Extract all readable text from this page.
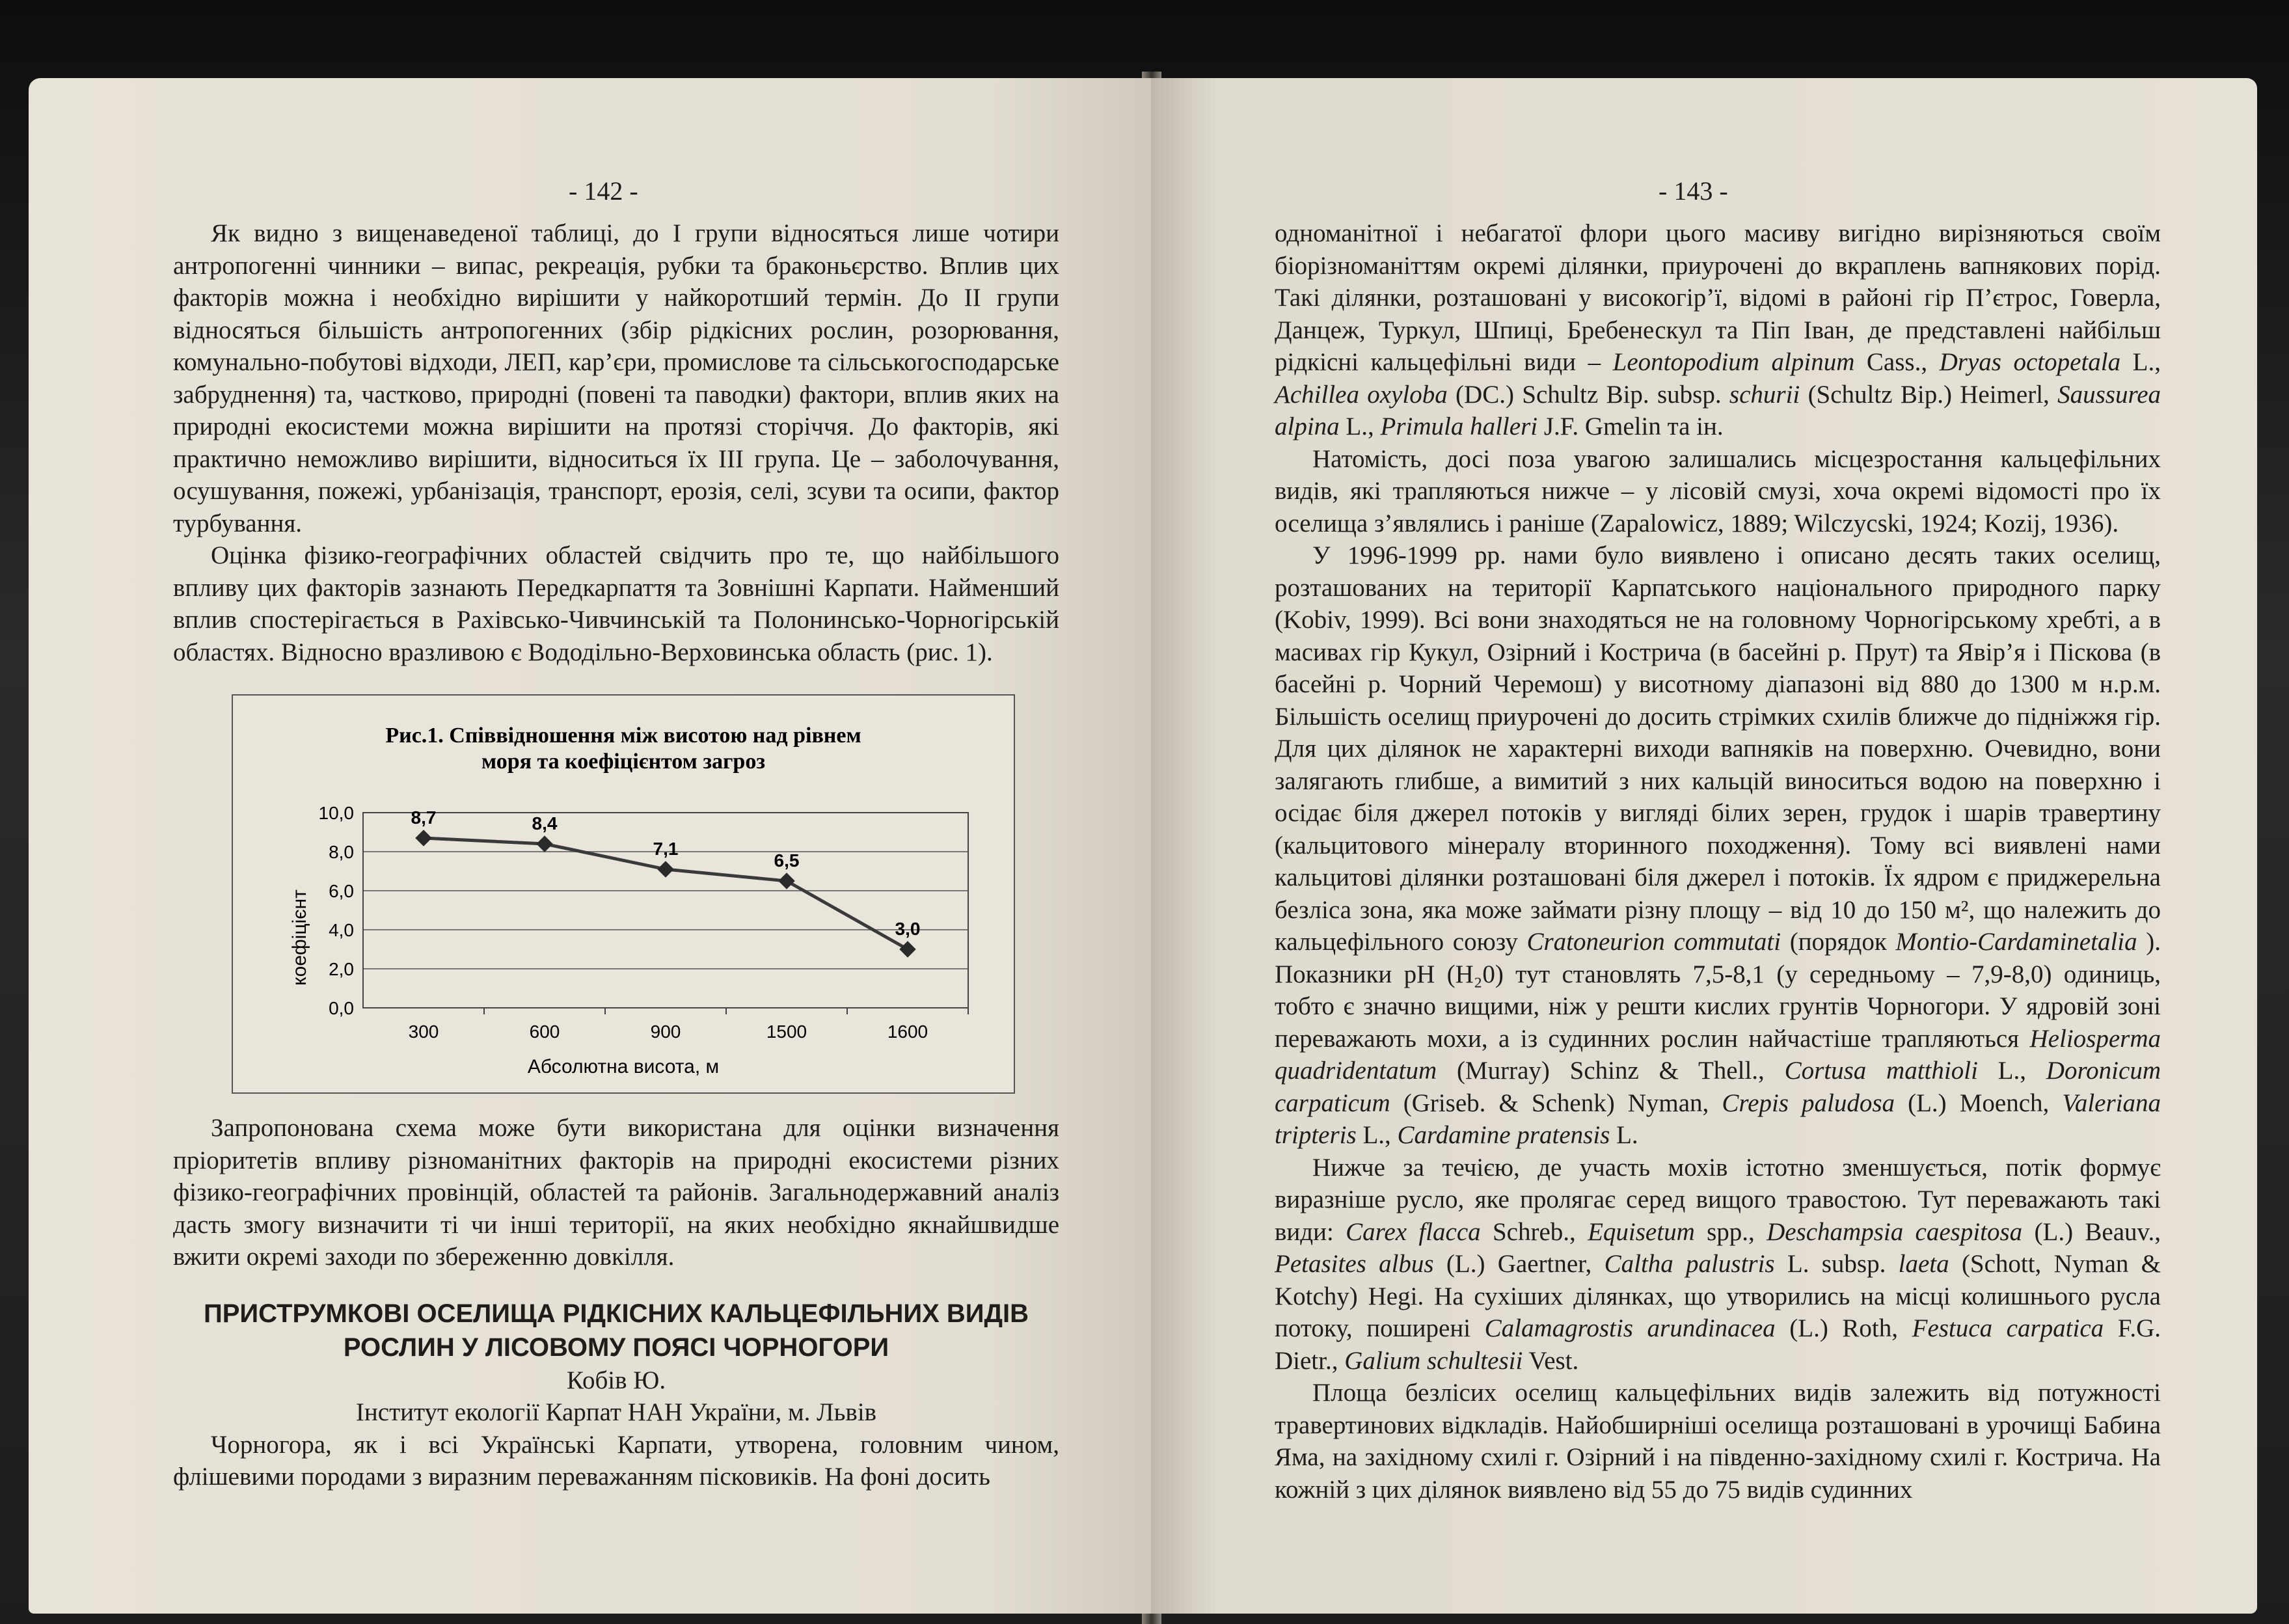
- 142 -

Як видно з вищенаведеної таблиці, до I групи відносяться лише чотири антропогенні чинники – випас, рекреація, рубки та браконьєрство. Вплив цих факторів можна і необхідно вирішити у найкоротший термін. До II групи відносяться більшість антропогенних (збір рідкісних рослин, розорювання, комунально-побутові відходи, ЛЕП, кар’єри, промислове та сільськогосподарське забруднення) та, частково, природні (повені та паводки) фактори, вплив яких на природні екосистеми можна вирішити на протязі сторіччя. До факторів, які практично неможливо вирішити, відноситься їх III група. Це – заболочування, осушування, пожежі, урбанізація, транспорт, ерозія, селі, зсуви та осипи, фактор турбування.

Оцінка фізико-географічних областей свідчить про те, що найбільшого впливу цих факторів зазнають Передкарпаття та Зовнішні Карпати. Найменший вплив спостерігається в Рахівсько-Чивчинській та Полонинсько-Чорногірській областях. Відносно вразливою є Вододільно-Верховинська область (рис. 1).

Рис.1. Співвідношення між висотою над рівнем
моря та коефіцієнтом загроз
0,0
2,0
4,0
6,0
8,0
10,0
300	600	900	1500	1600
8,7	8,4
7,1
6,5
3,0
Абсолютна висота, м
коефіцієнт

Запропонована схема може бути використана для оцінки визначення пріоритетів впливу різноманітних факторів на природні екосистеми різних фізико-географічних провінцій, областей та районів. Загальнодержавний аналіз дасть змогу визначити ті чи інші території, на яких необхідно якнайшвидше вжити окремі заходи по збереженню довкілля.

ПРИСТРУМКОВІ ОСЕЛИЩА РІДКІСНИХ КАЛЬЦЕФІЛЬНИХ ВИДІВ РОСЛИН У ЛІСОВОМУ ПОЯСІ ЧОРНОГОРИ

Кобів Ю.

Інститут екології Карпат НАН України, м. Львів

Чорногора, як і всі Українські Карпати, утворена, головним чином, флішевими породами з виразним переважанням пісковиків. На фоні досить

- 143 -

одноманітної і небагатої флори цього масиву вигідно вирізняються своїм біорізноманіттям окремі ділянки, приурочені до вкраплень вапнякових порід. Такі ділянки, розташовані у високогір’ї, відомі в районі гір П’єтрос, Говерла, Данцеж, Туркул, Шпиці, Бребенескул та Піп Іван, де представлені найбільш рідкісні кальцефільні види – Leontopodium alpinum Cass., Dryas octopetala L., Achillea oxyloba (DC.) Schultz Bip. subsp. schurii (Schultz Bip.) Heimerl, Saussurea alpina L., Primula halleri J.F. Gmelin та ін.

Натомість, досі поза увагою залишались місцезростання кальцефільних видів, які трапляються нижче – у лісовій смузі, хоча окремі відомості про їх оселища з’являлись і раніше (Zapalowicz, 1889; Wilczycski, 1924; Kozij, 1936).

У 1996-1999 рр. нами було виявлено і описано десять таких оселищ, розташованих на території Карпатського національного природного парку (Kobiv, 1999). Всі вони знаходяться не на головному Чорногірському хребті, а в масивах гір Кукул, Озірний і Кострича (в басейні р. Прут) та Явір’я і Піскова (в басейні р. Чорний Черемош) у висотному діапазоні від 880 до 1300 м н.р.м. Більшість оселищ приурочені до досить стрімких схилів ближче до підніжжя гір. Для цих ділянок не характерні виходи вапняків на поверхню. Очевидно, вони залягають глибше, а вимитий з них кальцій виноситься водою на поверхню і осідає біля джерел потоків у вигляді білих зерен, грудок і шарів травертину (кальцитового мінералу вторинного походження). Тому всі виявлені нами кальцитові ділянки розташовані біля джерел і потоків. Їх ядром є приджерельна безліса зона, яка може займати різну площу – від 10 до 150 м², що належить до кальцефільного союзу Cratoneurion commutati (порядок Montio-Cardaminetalia ). Показники pH (H₂0) тут становлять 7,5-8,1 (у середньому – 7,9-8,0) одиниць, тобто є значно вищими, ніж у решти кислих грунтів Чорногори. У ядровій зоні переважають мохи, а із судинних рослин найчастіше трапляються Heliosperma quadridentatum (Murray) Schinz & Thell., Cortusa matthioli L., Doronicum carpaticum (Griseb. & Schenk) Nyman, Crepis paludosa (L.) Moench, Valeriana tripteris L., Cardamine pratensis L.

Нижче за течією, де участь мохів істотно зменшується, потік формує виразніше русло, яке пролягає серед вищого травостою. Тут переважають такі види: Carex flacca Schreb., Equisetum spp., Deschampsia caespitosa (L.) Beauv., Petasites albus (L.) Gaertner, Caltha palustris L. subsp. laeta (Schott, Nyman & Kotchy) Hegi. На сухіших ділянках, що утворились на місці колишнього русла потоку, поширені Calamagrostis arundinacea (L.) Roth, Festuca carpatica F.G. Dietr., Galium schultesii Vest.

Площа безлісих оселищ кальцефільних видів залежить від потужності травертинових відкладів. Найобширніші оселища розташовані в урочищі Бабина Яма, на західному схилі г. Озірний і на південно-західному схилі г. Кострича. На кожній з цих ділянок виявлено від 55 до 75 видів судинних
